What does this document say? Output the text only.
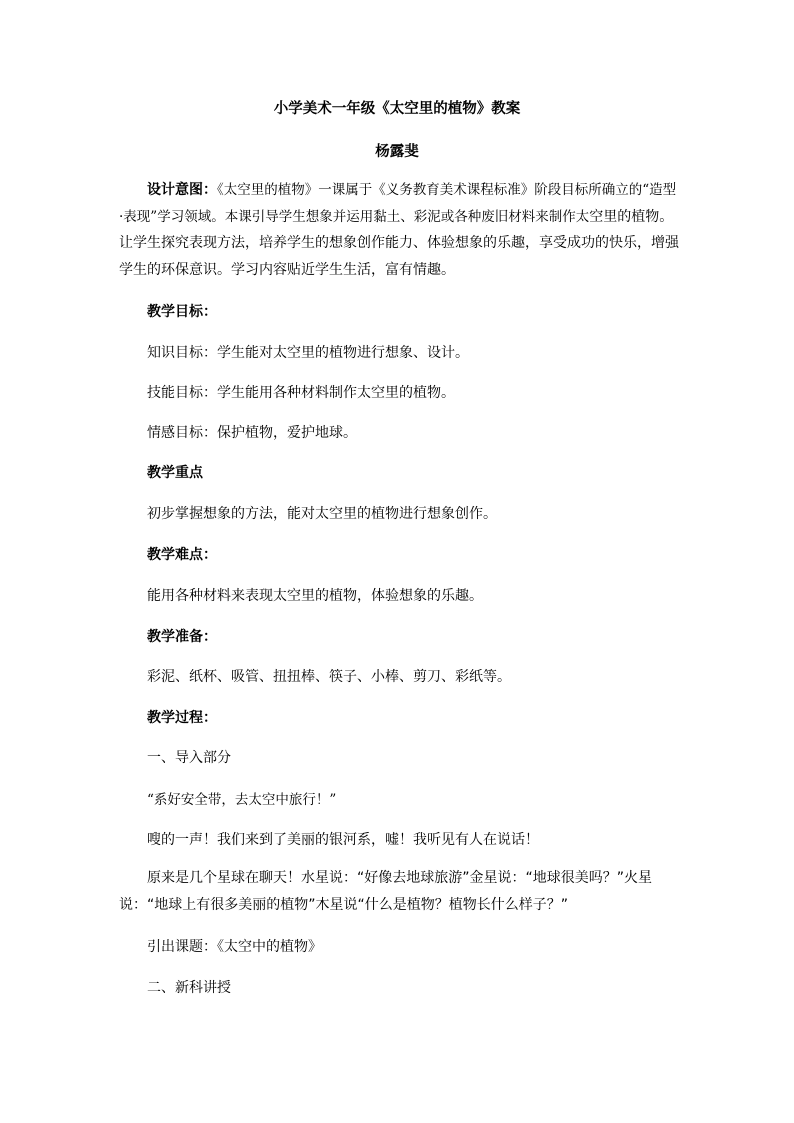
小学美术一年级《太空里的植物》教案

杨露斐

设计意图：《太空里的植物》一课属于《义务教育美术课程标准》阶段目标所确立的“造型·表现”学习领域。本课引导学生想象并运用黏土、彩泥或各种废旧材料来制作太空里的植物。让学生探究表现方法，培养学生的想象创作能力、体验想象的乐趣，享受成功的快乐，增强学生的环保意识。学习内容贴近学生生活，富有情趣。

教学目标：

知识目标：学生能对太空里的植物进行想象、设计。

技能目标：学生能用各种材料制作太空里的植物。

情感目标：保护植物，爱护地球。

教学重点

初步掌握想象的方法，能对太空里的植物进行想象创作。

教学难点：

能用各种材料来表现太空里的植物，体验想象的乐趣。

教学准备：

彩泥、纸杯、吸管、扭扭棒、筷子、小棒、剪刀、彩纸等。

教学过程：

一、导入部分

“系好安全带，去太空中旅行！”

嗖的一声！我们来到了美丽的银河系，嘘！我听见有人在说话！

原来是几个星球在聊天！水星说：“好像去地球旅游”金星说：“地球很美吗？”火星说：“地球上有很多美丽的植物”木星说“什么是植物？植物长什么样子？”

引出课题：《太空中的植物》

二、新科讲授
